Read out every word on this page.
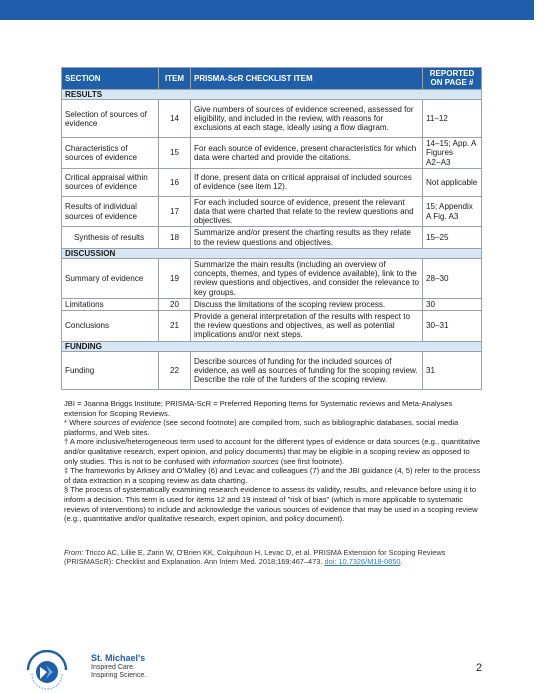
SECTION	ITEM	PRISMA-ScR CHECKLIST ITEM	REPORTED
ON PAGE #
RESULTS			
Selection of sources of evidence	14	Give numbers of sources of evidence screened, assessed for eligibility, and included in the review, with reasons for exclusions at each stage, ideally using a flow diagram.	11–12
Characteristics of sources of evidence	15	For each source of evidence, present characteristics for which data were charted and provide the citations.	14–15; App. A Figures A2−A3
Critical appraisal within sources of evidence	16	If done, present data on critical appraisal of included sources of evidence (see item 12).	Not applicable
Results of individual sources of evidence	17	For each included source of evidence, present the relevant data that were charted that relate to the review questions and objectives.	15; Appendix A Fig. A3
Synthesis of results	18	Summarize and/or present the charting results as they relate to the review questions and objectives.	15–25
DISCUSSION			
Summary of evidence	19	Summarize the main results (including an overview of concepts, themes, and types of evidence available), link to the review questions and objectives, and consider the relevance to key groups.	28–30
Limitations	20	Discuss the limitations of the scoping review process.	30
Conclusions	21	Provide a general interpretation of the results with respect to the review questions and objectives, as well as potential implications and/or next steps.	30–31
FUNDING			
Funding	22	Describe sources of funding for the included sources of evidence, as well as sources of funding for the scoping review. Describe the role of the funders of the scoping review.	31

JBI = Joanna Briggs Institute; PRISMA-ScR = Preferred Reporting Items for Systematic reviews and Meta-Analyses extension for Scoping Reviews.

* Where sources of evidence (see second footnote) are compiled from, such as bibliographic databases, social media platforms, and Web sites.

† A more inclusive/heterogeneous term used to account for the different types of evidence or data sources (e.g., quantitative and/or qualitative research, expert opinion, and policy documents) that may be eligible in a scoping review as opposed to only studies. This is not to be confused with information sources (see first footnote).

‡ The frameworks by Arksey and O’Malley (6) and Levac and colleagues (7) and the JBI guidance (4, 5) refer to the process of data extraction in a scoping review as data charting.

§ The process of systematically examining research evidence to assess its validity, results, and relevance before using it to inform a decision. This term is used for items 12 and 19 instead of "risk of bias" (which is more applicable to systematic reviews of interventions) to include and acknowledge the various sources of evidence that may be used in a scoping review (e.g., quantitative and/or qualitative research, expert opinion, and policy document).

From: Tricco AC, Lillie E, Zarin W, O'Brien KK, Colquhoun H, Levac D, et al. PRISMA Extension for Scoping Reviews (PRISMAScR): Checklist and Explanation. Ann Intern Med. 2018;169:467–473. doi: 10.7326/M18-0850.
St. Michael's
Inspired Care.
Inspiring Science.
2
